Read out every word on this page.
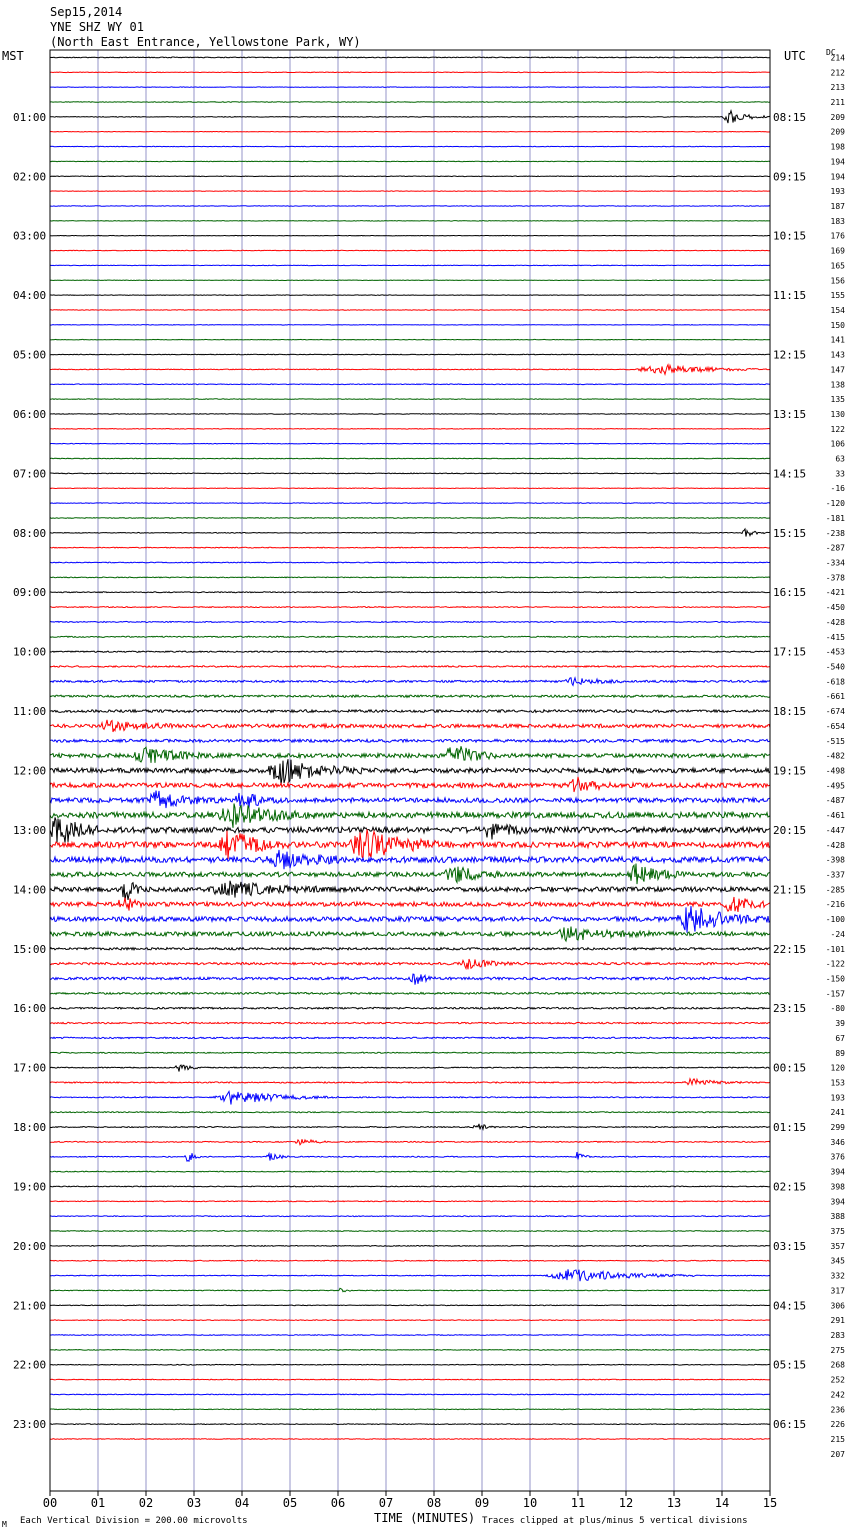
Sep15,2014
YNE SHZ WY 01
(North East Entrance, Yellowstone Park, WY)
MST	UTC	DC
00	01	02	03	04	05	06	07	08	09	10	11	12	13	14	15
01:00
02:00
03:00
04:00
05:00
06:00
07:00
08:00
09:00
10:00
11:00
12:00
13:00
14:00
15:00
16:00
17:00
18:00
19:00
20:00
21:00
22:00
23:00
08:15
09:15
10:15
11:15
12:15
13:15
14:15
15:15
16:15
17:15
18:15
19:15
20:15
21:15
22:15
23:15
00:15
01:15
02:15
03:15
04:15
05:15
06:15
214
212
213
211
209
209
198
194
194
193
187
183
176
169
165
156
155
154
150
141
143
147
138
135
130
122
106
63
33
-16
-120
-181
-238
-287
-334
-378
-421
-450
-428
-415
-453
-540
-618
-661
-674
-654
-515
-482
-498
-495
-487
-461
-447
-428
-398
-337
-285
-216
-100
-24
-101
-122
-150
-157
-80
39
67
89
120
153
193
241
299
346
376
394
398
394
388
375
357
345
332
317
306
291
283
275
268
252
242
236
226
215
207
M Each Vertical Division = 200.00 microvolts	TIME (MINUTES) Traces clipped at plus/minus 5 vertical divisions
